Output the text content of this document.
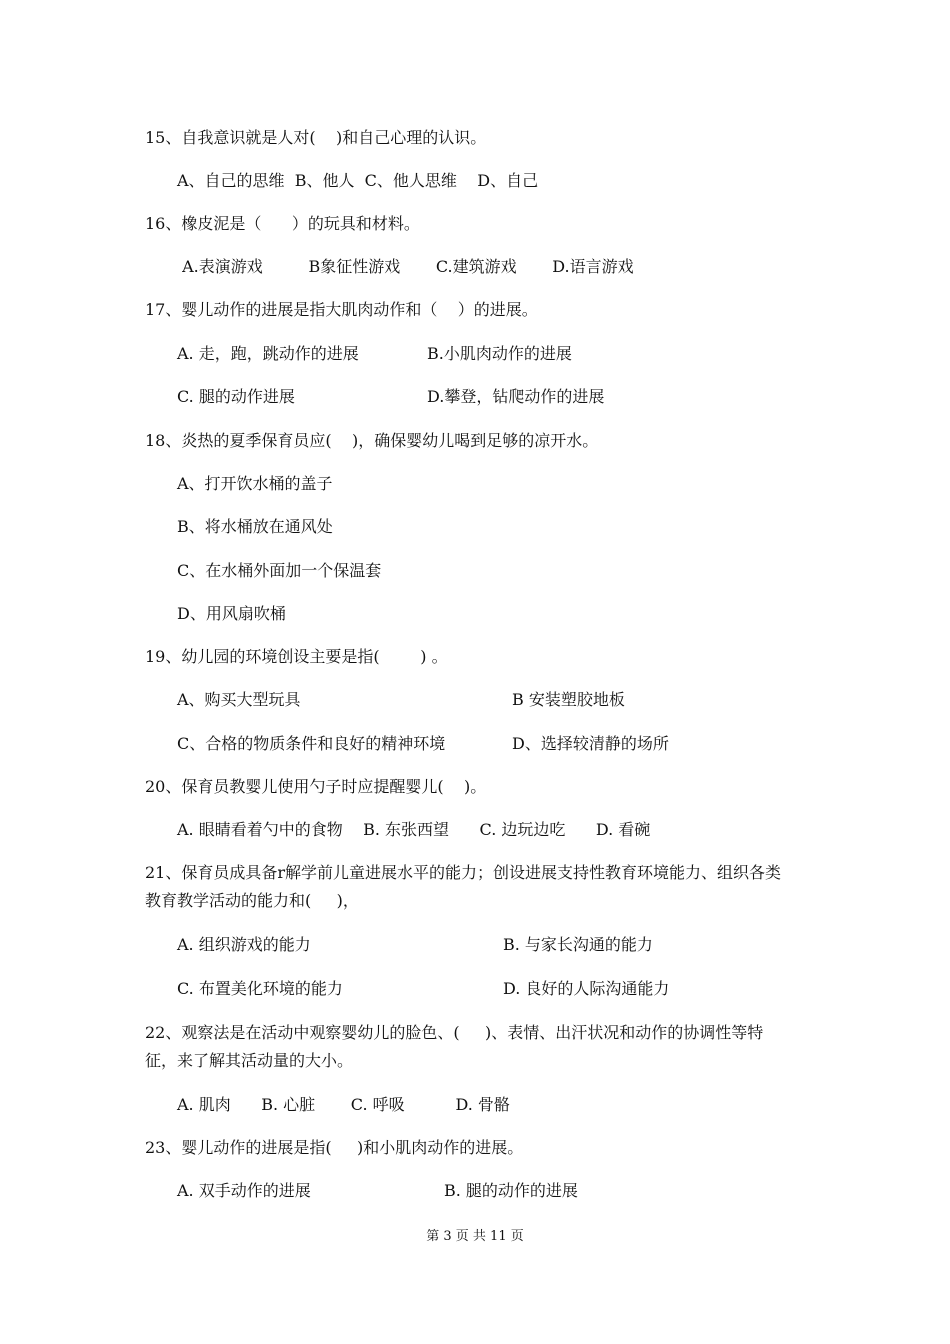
15、自我意识就是人对(    )和自己心理的认识。
A、自己的思维  B、他人  C、他人思维    D、自己
16、橡皮泥是（      ）的玩具和材料。
A.表演游戏         B象征性游戏       C.建筑游戏       D.语言游戏
17、婴儿动作的进展是指大肌肉动作和（    ）的进展。
A. 走，跑，跳动作的进展	B.小肌肉动作的进展
C. 腿的动作进展	D.攀登，钻爬动作的进展
18、炎热的夏季保育员应(    )，确保婴幼儿喝到足够的凉开水。
A、打开饮水桶的盖子
B、将水桶放在通风处
C、在水桶外面加一个保温套
D、用风扇吹桶
19、幼儿园的环境创设主要是指(        ) 。
A、购买大型玩具	B 安装塑胶地板
C、合格的物质条件和良好的精神环境	D、选择较清静的场所
20、保育员教婴儿使用勺子时应提醒婴儿(    )。
A. 眼睛看着勺中的食物    B. 东张西望      C. 边玩边吃      D. 看碗
21、保育员成具备r解学前儿童进展水平的能力；创设进展支持性教育环境能力、组织各类
教育教学活动的能力和(     )，
A. 组织游戏的能力	B. 与家长沟通的能力
C. 布置美化环境的能力	D. 良好的人际沟通能力
22、观察法是在活动中观察婴幼儿的脸色、(     )、表情、出汗状况和动作的协调性等特
征，来了解其活动量的大小。
A. 肌肉      B. 心脏       C. 呼吸          D. 骨骼
23、婴儿动作的进展是指(     )和小肌肉动作的进展。
A. 双手动作的进展	B. 腿的动作的进展
第 3 页 共 11 页
